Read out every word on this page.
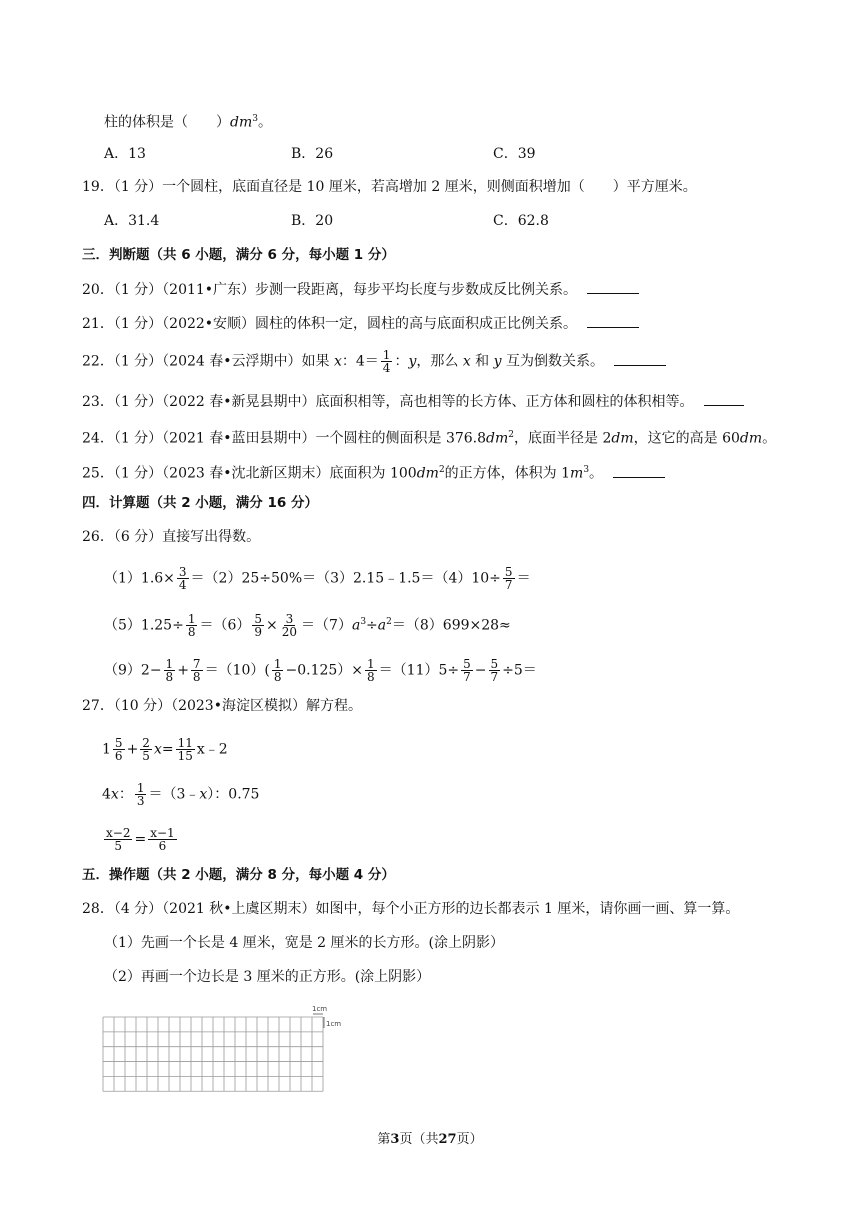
柱的体积是（　　）$dm^3$。
A．13	B．26	C．39
19．（1 分）一个圆柱，底面直径是 10 厘米，若高增加 2 厘米，则侧面积增加（　　）平方厘米。
A．31.4	B．20	C．62.8
三．判断题（共 6 小题，满分 6 分，每小题 1 分）
20．（1 分）（2011•广东）步测一段距离，每步平均长度与步数成反比例关系。
21．（1 分）（2022•安顺）圆柱的体积一定，圆柱的高与底面积成正比例关系。
22．（1 分）（2024 春•云浮期中）如果 x：$4= \frac{1}{4}$ ：y，那么 x 和 y 互为倒数关系。
23．（1 分）（2022 春•新晃县期中）底面积相等，高也相等的长方体、正方体和圆柱的体积相等。
24．（1 分）（2021 春•蓝田县期中）一个圆柱的侧面积是 $376.8dm^2$，底面半径是 2dm，这它的高是 60dm。
25．（1 分）（2023 春•沈北新区期末）底面积为 $100dm^2$的正方体，体积为 $1m^3$。
四．计算题（共 2 小题，满分 16 分）
26．（6 分）直接写出得数。
$(1)1.6\times \frac{3}{4}$ ＝（2）25÷50%＝（3）2.15﹣1.5＝（4）10÷ $\frac{5}{7}$ ＝
$(5)1.25\div \frac{1}{8} =(6) \frac{5}{9} \times \frac{3}{20} =(7)a^3\div a^2=(8)699\times 28\approx$
$(9)2- \frac{1}{8} + \frac{7}{8} =(10)( \frac{1}{8} -0.125)\times \frac{1}{8} =(11)5\div \frac{5}{7} - \frac{5}{7} \div 5=$
27．（10 分）（2023•海淀区模拟）解方程。
$1 \frac{5}{6} + \frac{2}{5} x= \frac{11}{15}$ x﹣2
4x： $\frac{1}{3}$ ＝（3﹣x）：0.75
$\frac{x-2}{5} = \frac{x-1}{6}$
五．操作题（共 2 小题，满分 8 分，每小题 4 分）
28．（4 分）（2021 秋•上虞区期末）如图中，每个小正方形的边长都表示 1 厘米，请你画一画、算一算。
（1）先画一个长是 4 厘米，宽是 2 厘米的长方形。(涂上阴影）
（2）再画一个边长是 3 厘米的正方形。(涂上阴影）
1cm
1cm
第3页（共27页）
